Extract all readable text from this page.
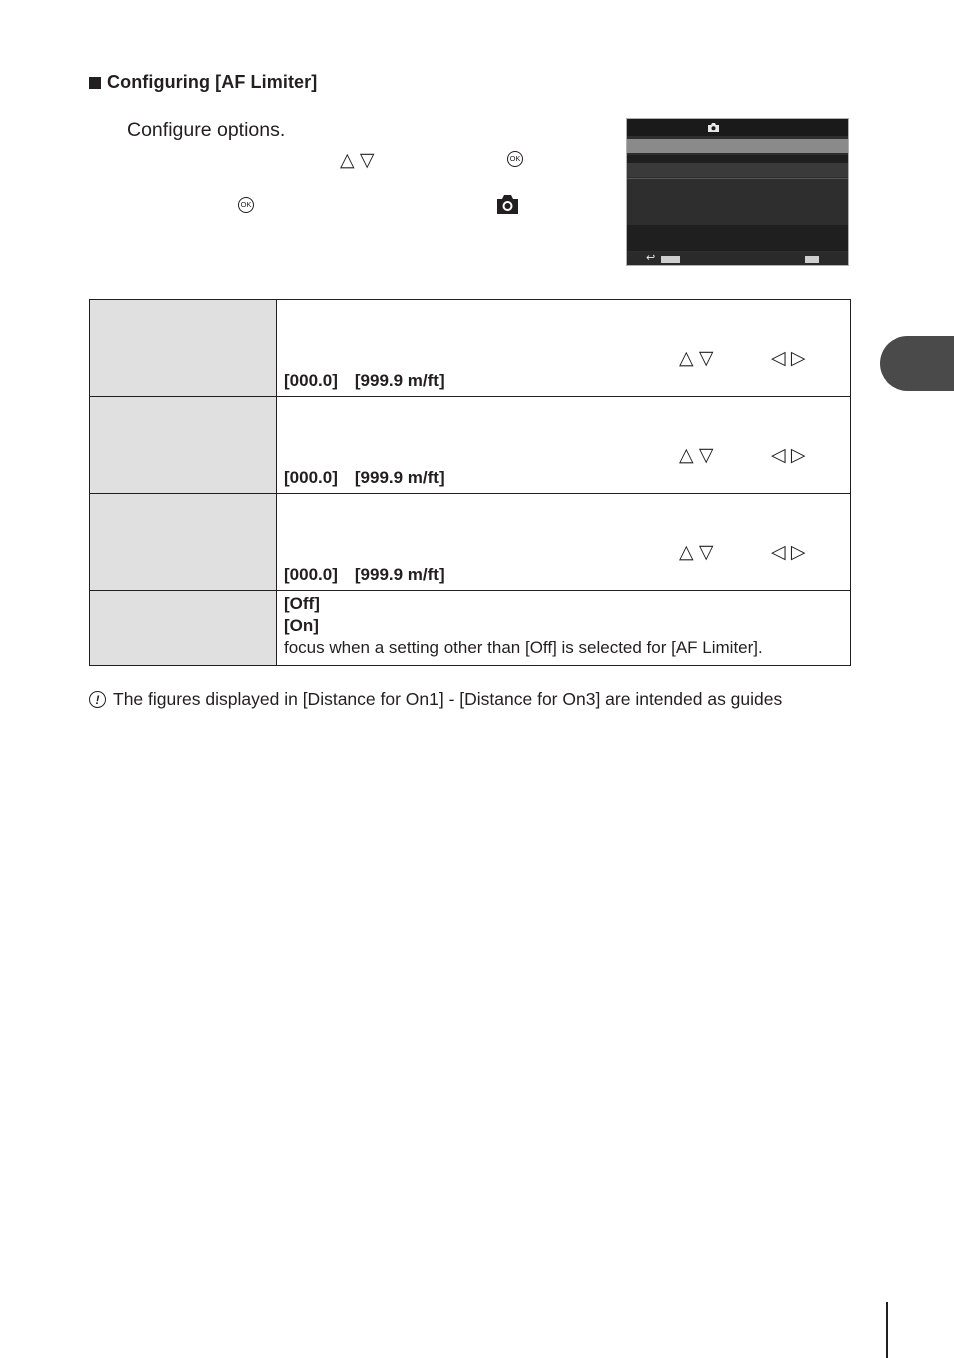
Configuring [AF Limiter]
Configure options.
△ ▽	OK
OK
↩

	△ ▽ ◁ ▷
[000.0] [999.9 m/ft]

	△ ▽ ◁ ▷
[000.0] [999.9 m/ft]

	△ ▽ ◁ ▷
[000.0] [999.9 m/ft]

	[Off]
[On]
focus when a setting other than [Off] is selected for [AF Limiter].
! The figures displayed in [Distance for On1] - [Distance for On3] are intended as guides
